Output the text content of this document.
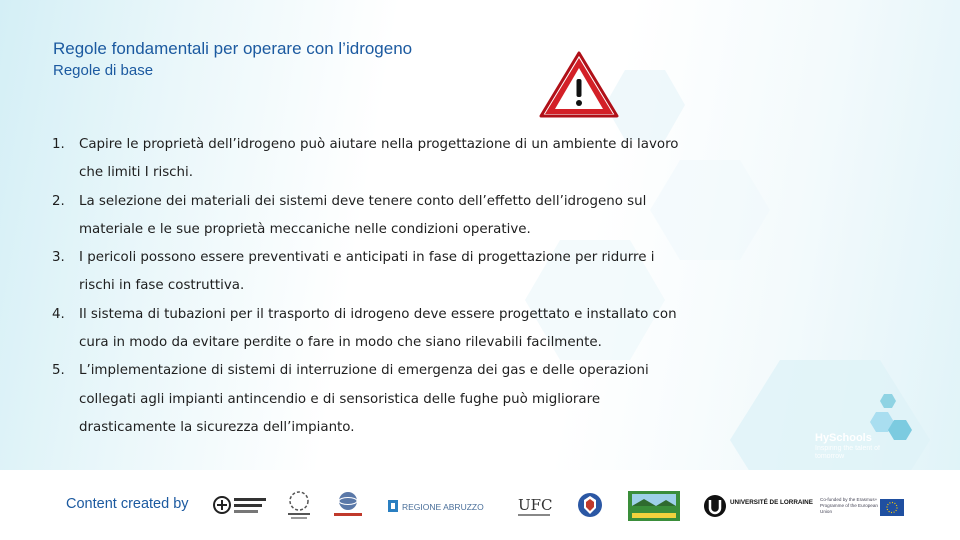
Regole fondamentali per operare con l’idrogeno
Regole di base
1. Capire le proprietà dell’idrogeno può aiutare nella progettazione di un ambiente di lavoro che limiti I rischi.
2. La selezione dei materiali dei sistemi deve tenere conto dell’effetto dell’idrogeno sul materiale e le sue proprietà meccaniche nelle condizioni operative.
3. I pericoli possono essere preventivati e anticipati in fase di progettazione per ridurre i rischi in fase costruttiva.
4. Il sistema di tubazioni per il trasporto di idrogeno deve essere progettato e installato con cura in modo da evitare perdite o fare in modo che siano rilevabili facilmente.
5. L’implementazione di sistemi di interruzione di emergenza dei gas e delle operazioni collegati agli impianti antincendio e di sensoristica delle fughe può migliorare drasticamente la sicurezza dell’impianto.
HySchools
Inspiring the talent of tomorrow
Content created by	REGIONE ABRUZZO UFC	UNIVERSITÉ DE LORRAINE Co-funded by the Erasmus+ Programme of the European Union
